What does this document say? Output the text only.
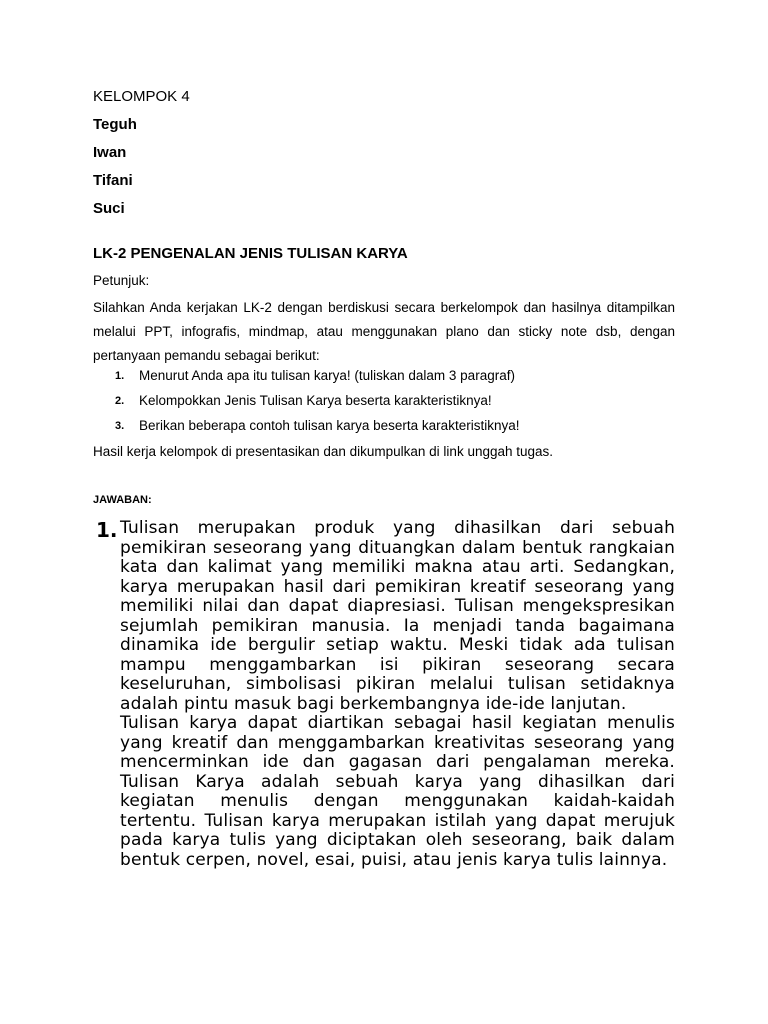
KELOMPOK 4
Teguh
Iwan
Tifani
Suci
LK-2 PENGENALAN JENIS TULISAN KARYA
Petunjuk:
Silahkan Anda kerjakan LK-2 dengan berdiskusi secara berkelompok dan hasilnya ditampilkan melalui PPT, infografis, mindmap, atau menggunakan plano dan sticky note dsb, dengan pertanyaan pemandu sebagai berikut:
1. Menurut Anda apa itu tulisan karya! (tuliskan dalam 3 paragraf)
2. Kelompokkan Jenis Tulisan Karya beserta karakteristiknya!
3. Berikan beberapa contoh tulisan karya beserta karakteristiknya!
Hasil kerja kelompok di presentasikan dan dikumpulkan di link unggah tugas.
JAWABAN:
1. Tulisan merupakan produk yang dihasilkan dari sebuah pemikiran seseorang yang dituangkan dalam bentuk rangkaian kata dan kalimat yang memiliki makna atau arti. Sedangkan, karya merupakan hasil dari pemikiran kreatif seseorang yang memiliki nilai dan dapat diapresiasi. Tulisan mengekspresikan sejumlah pemikiran manusia. Ia menjadi tanda bagaimana dinamika ide bergulir setiap waktu. Meski tidak ada tulisan mampu menggambarkan isi pikiran seseorang secara keseluruhan, simbolisasi pikiran melalui tulisan setidaknya adalah pintu masuk bagi berkembangnya ide-ide lanjutan.

Tulisan karya dapat diartikan sebagai hasil kegiatan menulis yang kreatif dan menggambarkan kreativitas seseorang yang mencerminkan ide dan gagasan dari pengalaman mereka. Tulisan Karya adalah sebuah karya yang dihasilkan dari kegiatan menulis dengan menggunakan kaidah-kaidah tertentu. Tulisan karya merupakan istilah yang dapat merujuk pada karya tulis yang diciptakan oleh seseorang, baik dalam bentuk cerpen, novel, esai, puisi, atau jenis karya tulis lainnya.
